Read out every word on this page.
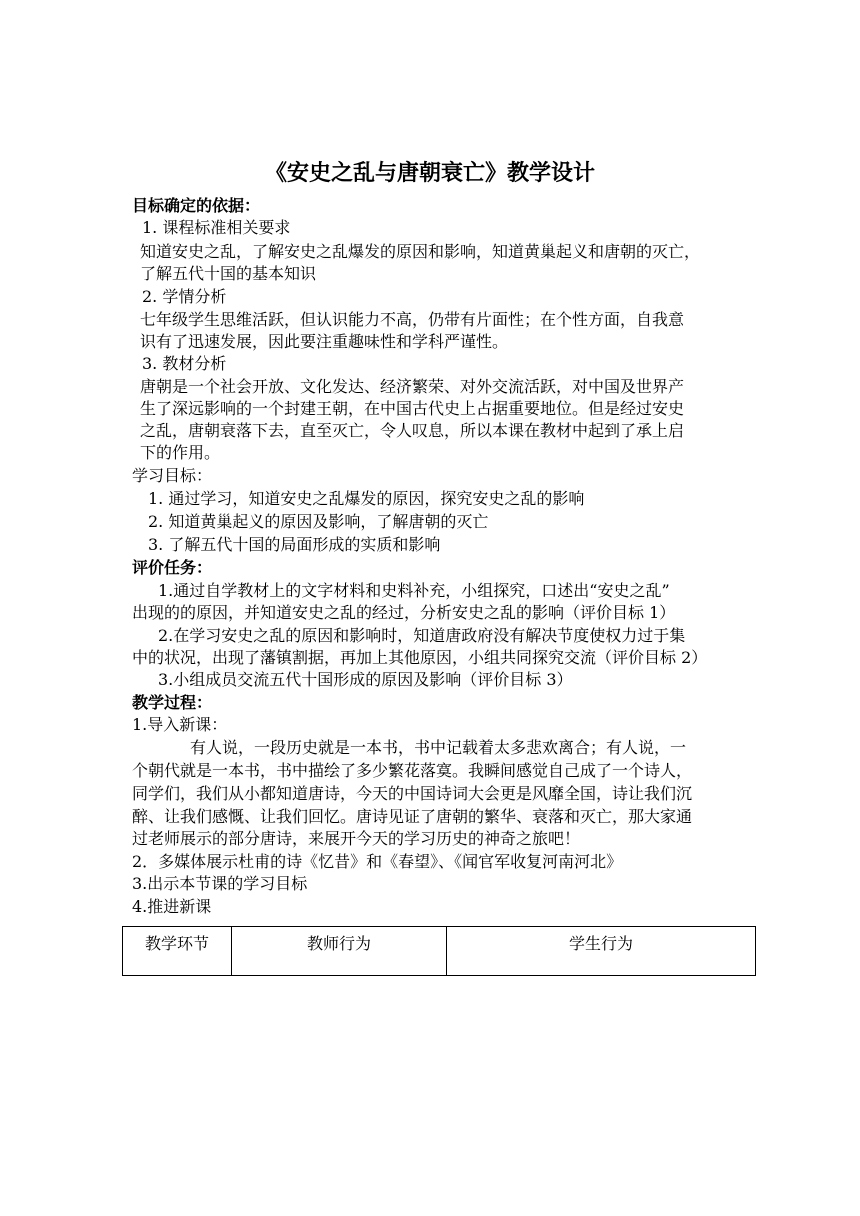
《安史之乱与唐朝衰亡》教学设计

目标确定的依据：

1. 课程标准相关要求

知道安史之乱，了解安史之乱爆发的原因和影响，知道黄巢起义和唐朝的灭亡，

了解五代十国的基本知识

2. 学情分析

七年级学生思维活跃，但认识能力不高，仍带有片面性；在个性方面，自我意

识有了迅速发展，因此要注重趣味性和学科严谨性。

3. 教材分析

唐朝是一个社会开放、文化发达、经济繁荣、对外交流活跃，对中国及世界产

生了深远影响的一个封建王朝，在中国古代史上占据重要地位。但是经过安史

之乱，唐朝衰落下去，直至灭亡，令人叹息，所以本课在教材中起到了承上启

下的作用。

学习目标：

1. 通过学习，知道安史之乱爆发的原因，探究安史之乱的影响

2. 知道黄巢起义的原因及影响，了解唐朝的灭亡

3. 了解五代十国的局面形成的实质和影响

评价任务：

1.通过自学教材上的文字材料和史料补充，小组探究，口述出“安史之乱”

出现的的原因，并知道安史之乱的经过，分析安史之乱的影响（评价目标 1）

2.在学习安史之乱的原因和影响时，知道唐政府没有解决节度使权力过于集

中的状况，出现了藩镇割据，再加上其他原因，小组共同探究交流（评价目标 2）

3.小组成员交流五代十国形成的原因及影响（评价目标 3）

教学过程：

1.导入新课：

有人说，一段历史就是一本书，书中记载着太多悲欢离合；有人说，一

个朝代就是一本书，书中描绘了多少繁花落寞。我瞬间感觉自己成了一个诗人，

同学们，我们从小都知道唐诗，今天的中国诗词大会更是风靡全国，诗让我们沉

醉、让我们感慨、让我们回忆。唐诗见证了唐朝的繁华、衰落和灭亡，那大家通

过老师展示的部分唐诗，来展开今天的学习历史的神奇之旅吧！

2．多媒体展示杜甫的诗《忆昔》和《春望》、《闻官军收复河南河北》

3.出示本节课的学习目标

4.推进新课

教学环节	教师行为	学生行为
